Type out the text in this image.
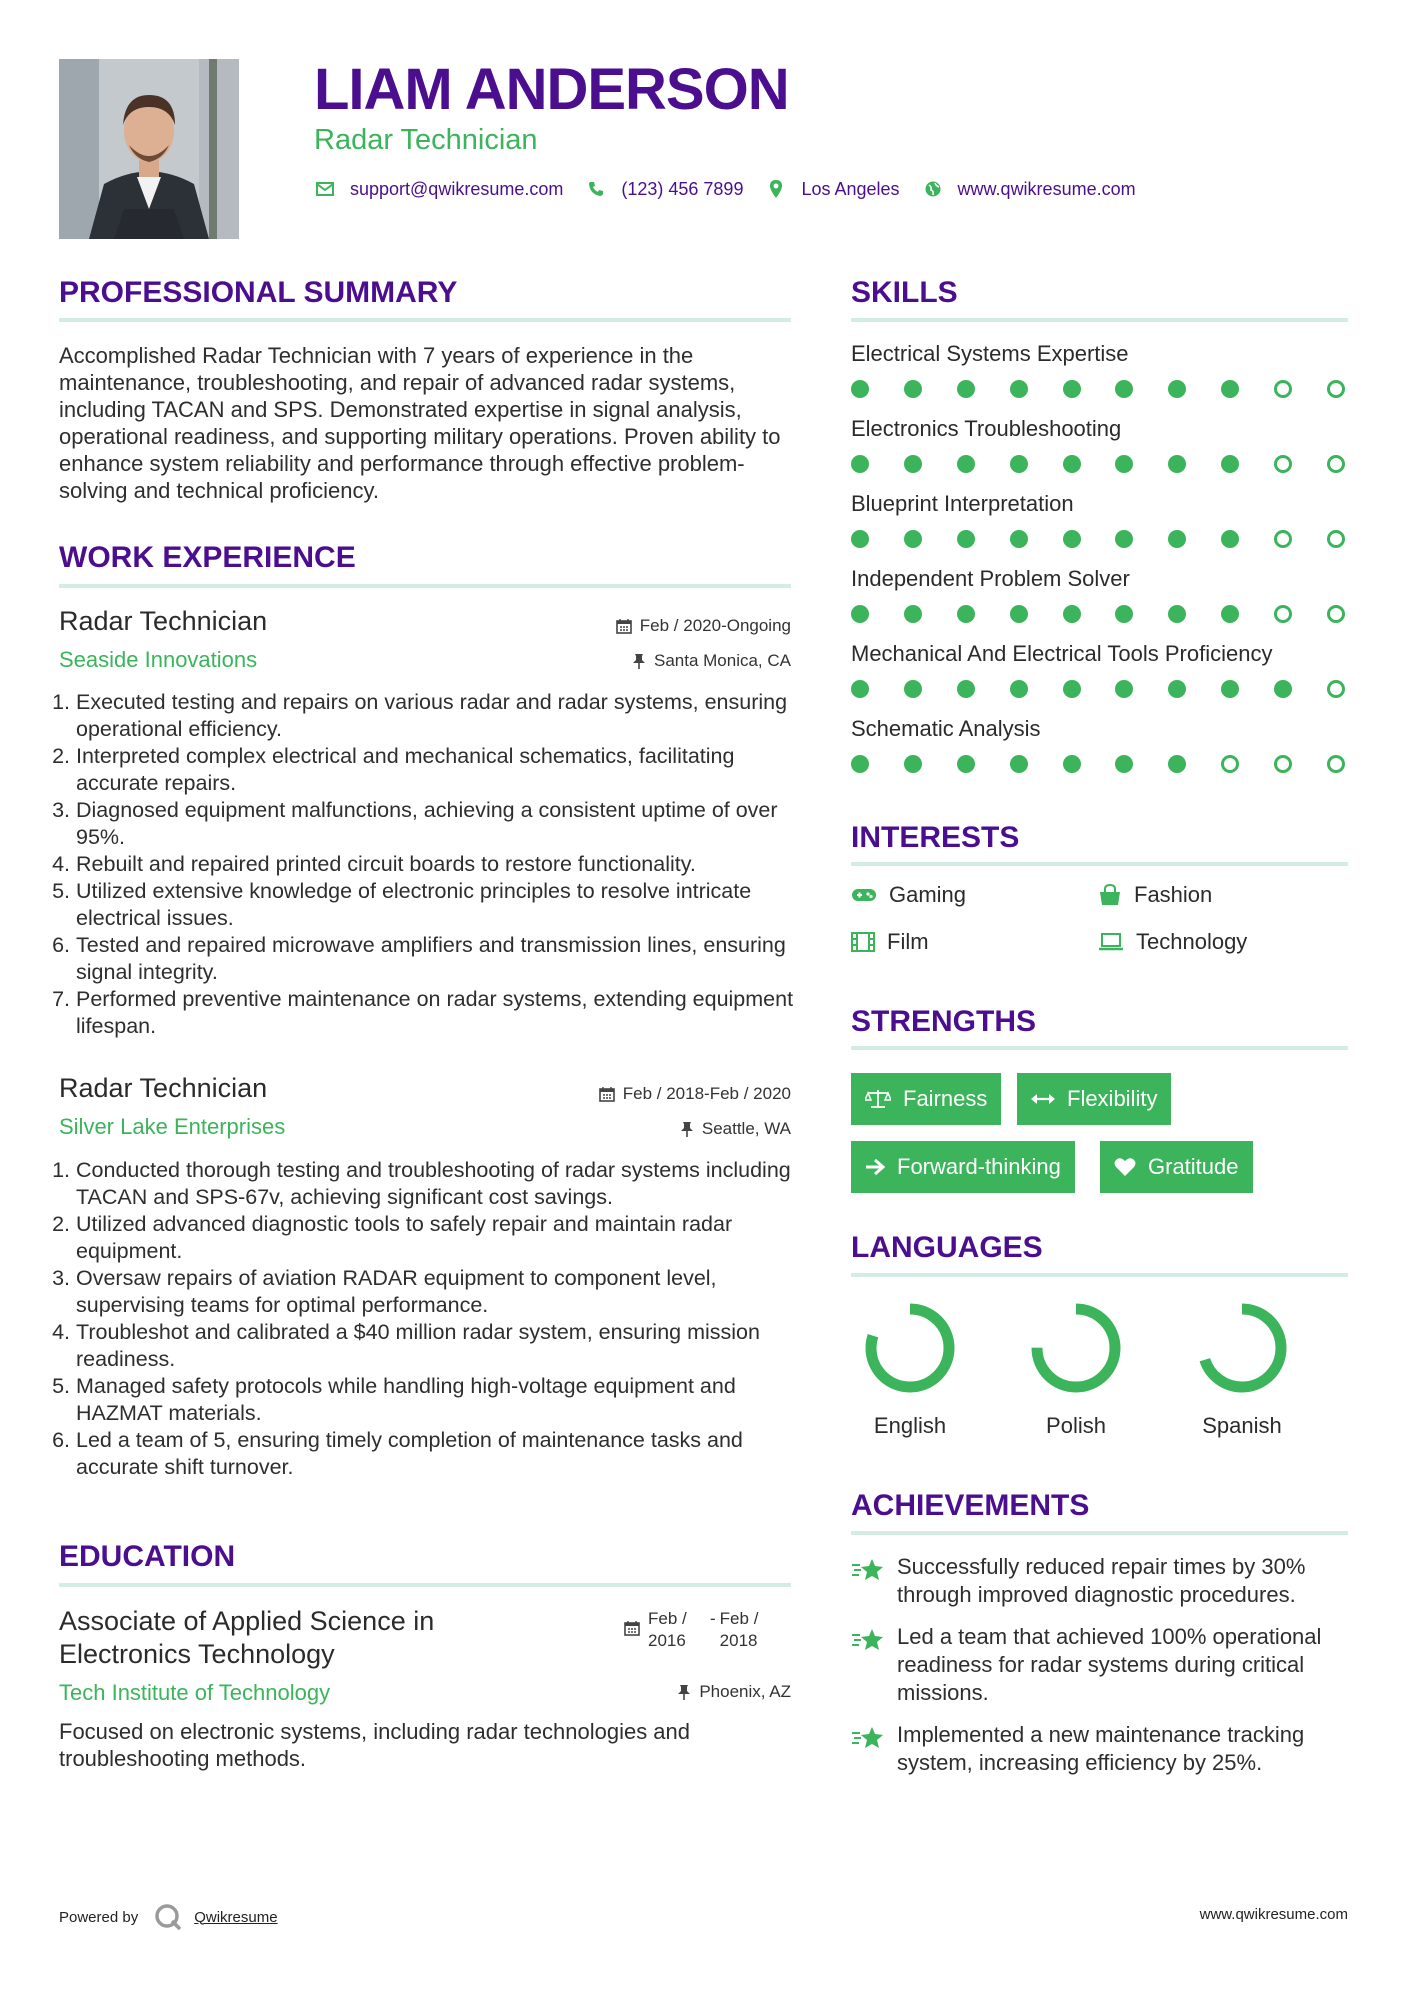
LIAM ANDERSON
Radar Technician
support@qwikresume.com	(123) 456 7899	Los Angeles	www.qwikresume.com
PROFESSIONAL SUMMARY
Accomplished Radar Technician with 7 years of experience in the maintenance, troubleshooting, and repair of advanced radar systems, including TACAN and SPS. Demonstrated expertise in signal analysis, operational readiness, and supporting military operations. Proven ability to enhance system reliability and performance through effective problem-solving and technical proficiency.
WORK EXPERIENCE
Radar Technician	Feb / 2020-Ongoing
Seaside Innovations	Santa Monica, CA
1. Executed testing and repairs on various radar and radar systems, ensuring operational efficiency.
2. Interpreted complex electrical and mechanical schematics, facilitating accurate repairs.
3. Diagnosed equipment malfunctions, achieving a consistent uptime of over 95%.
4. Rebuilt and repaired printed circuit boards to restore functionality.
5. Utilized extensive knowledge of electronic principles to resolve intricate electrical issues.
6. Tested and repaired microwave amplifiers and transmission lines, ensuring signal integrity.
7. Performed preventive maintenance on radar systems, extending equipment lifespan.
Radar Technician	Feb / 2018-Feb / 2020
Silver Lake Enterprises	Seattle, WA
1. Conducted thorough testing and troubleshooting of radar systems including TACAN and SPS-67v, achieving significant cost savings.
2. Utilized advanced diagnostic tools to safely repair and maintain radar equipment.
3. Oversaw repairs of aviation RADAR equipment to component level, supervising teams for optimal performance.
4. Troubleshot and calibrated a $40 million radar system, ensuring mission readiness.
5. Managed safety protocols while handling high-voltage equipment and HAZMAT materials.
6. Led a team of 5, ensuring timely completion of maintenance tasks and accurate shift turnover.
EDUCATION
Associate of Applied Science in Electronics Technology
Feb / 2016
- Feb / 2018
Tech Institute of Technology	Phoenix, AZ
Focused on electronic systems, including radar technologies and troubleshooting methods.
SKILLS
Electrical Systems Expertise
Electronics Troubleshooting
Blueprint Interpretation
Independent Problem Solver
Mechanical And Electrical Tools Proficiency
Schematic Analysis
INTERESTS
Gaming	Fashion
Film	Technology
STRENGTHS
Fairness	Flexibility
Forward-thinking	Gratitude
LANGUAGES
English	Polish	Spanish
ACHIEVEMENTS
Successfully reduced repair times by 30% through improved diagnostic procedures.
Led a team that achieved 100% operational readiness for radar systems during critical missions.
Implemented a new maintenance tracking system, increasing efficiency by 25%.
Powered by	Qwikresume	www.qwikresume.com
